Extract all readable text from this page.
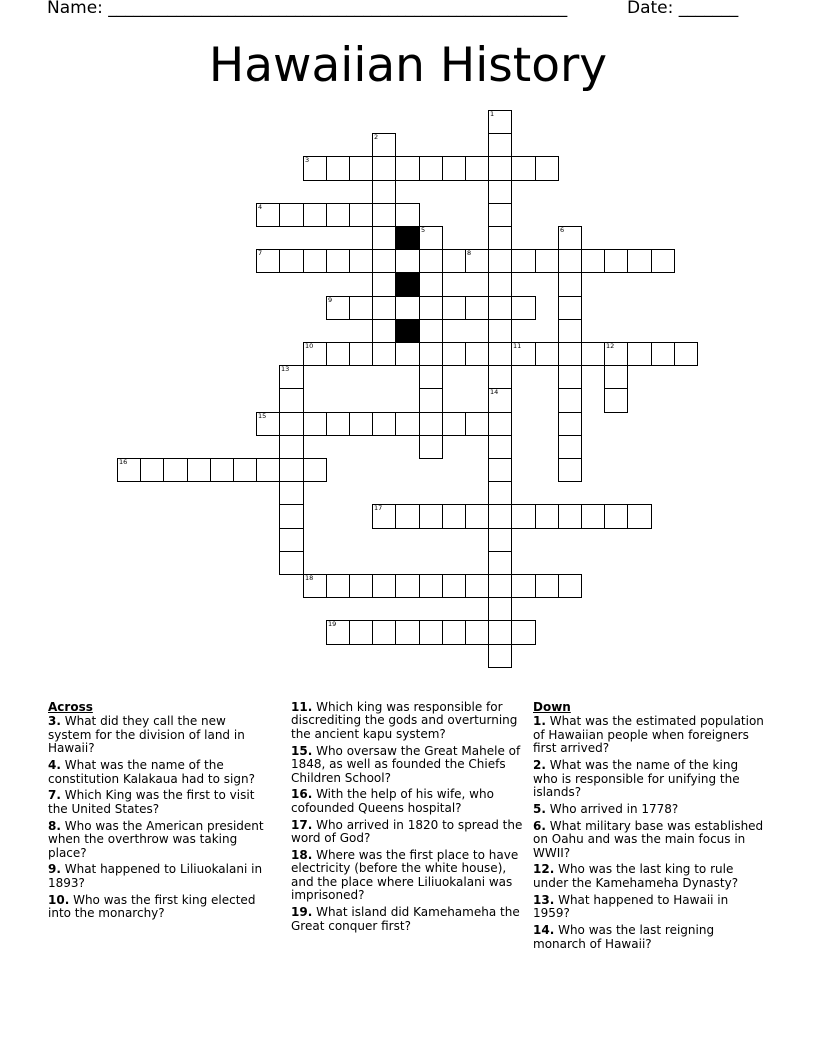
Name: ______________________________________________________	Date: _______
Hawaiian History
1
14
2
3
4
5	6
7	8
9
10	11	12
13
15
16
17
18
19
Across
3. What did they call the new system for the division of land in Hawaii?
4. What was the name of the constitution Kalakaua had to sign?
7. Which King was the first to visit the United States?
8. Who was the American president when the overthrow was taking place?
9. What happened to Liliuokalani in 1893?
10. Who was the first king elected into the monarchy?
11. Which king was responsible for discrediting the gods and overturning the ancient kapu system?
15. Who oversaw the Great Mahele of 1848, as well as founded the Chiefs Children School?
16. With the help of his wife, who cofounded Queens hospital?
17. Who arrived in 1820 to spread the word of God?
18. Where was the first place to have electricity (before the white house), and the place where Liliuokalani was imprisoned?
19. What island did Kamehameha the Great conquer first?
Down
1. What was the estimated population of Hawaiian people when foreigners first arrived?
2. What was the name of the king who is responsible for unifying the islands?
5. Who arrived in 1778?
6. What military base was established on Oahu and was the main focus in WWII?
12. Who was the last king to rule under the Kamehameha Dynasty?
13. What happened to Hawaii in 1959?
14. Who was the last reigning monarch of Hawaii?
